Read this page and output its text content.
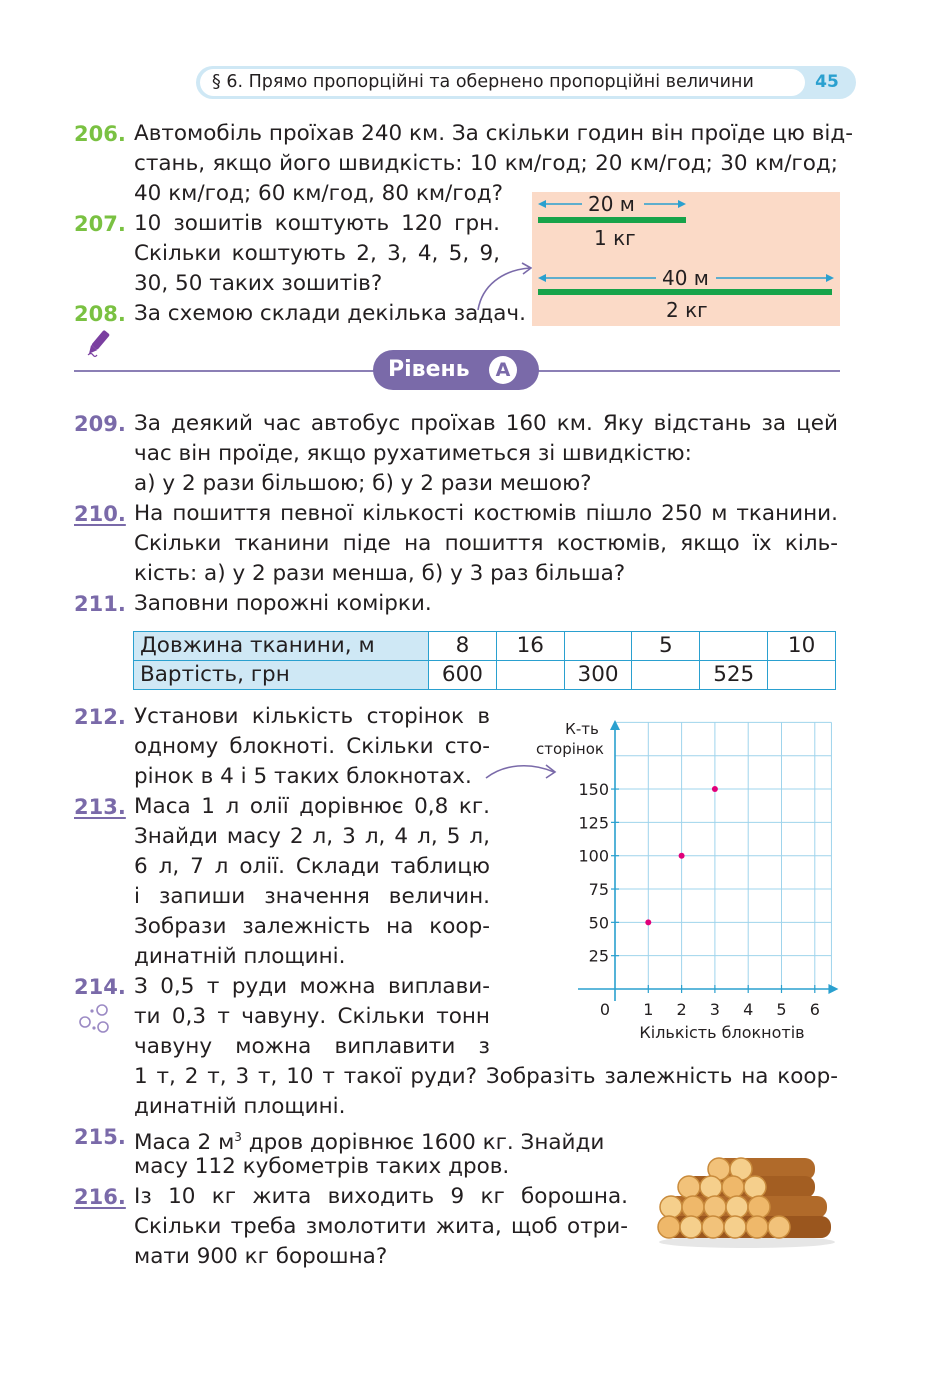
§ 6. Прямо пропорційні та обернено пропорційні величини	45
206. Автомобіль проїхав 240 км. За скільки годин він проїде цю від-
стань, якщо його швидкість: 10 км/год; 20 км/год; 30 км/год;
40 км/год; 60 км/год, 80 км/год?
207. 10 зошитів коштують 120 грн.
Скільки коштують 2, 3, 4, 5, 9,
30, 50 таких зошитів?
208. За схемою склади декілька задач.
20 м
1 кг
40 м
2 кг
Рівень	A
209. За деякий час автобус проїхав 160 км. Яку відстань за цей
час він проїде, якщо рухатиметься зі швидкістю:
а) у 2 рази більшою; б) у 2 рази мешою?
210. На пошиття певної кількості костюмів пішло 250 м тканини.
Скільки тканини піде на пошиття костюмів, якщо їх кіль-
кість: а) у 2 рази менша, б) у 3 раз більша?
211. Заповни порожні комірки.
Довжина тканини, м	8	16		5		10
Вартість, грн	600		300		525	
212. Установи кількість сторінок в
одному блокноті. Скільки сто-
рінок в 4 і 5 таких блокнотах.
213. Маса 1 л олії дорівнює 0,8 кг.
Знайди масу 2 л, 3 л, 4 л, 5 л,
6 л, 7 л олії. Склади таблицю
і запиши значення величин.
Зобрази залежність на коор-
динатній площині.
214. З 0,5 т руди можна виплави-
ти 0,3 т чавуну. Скільки тонн
чавуну можна виплавити з
1 т, 2 т, 3 т, 10 т такої руди? Зобразіть залежність на коор-
динатній площині.
0 1 2 3 4 5 6
25
50
75
100
125
150
К-ть
сторінок
Кількість блокнотів
215. Маса 2 $м^3$ дров дорівнює 1600 кг. Знайди
масу 112 кубометрів таких дров.
216. Із 10 кг жита виходить 9 кг борошна.
Скільки треба змолотити жита, щоб отри-
мати 900 кг борошна?
